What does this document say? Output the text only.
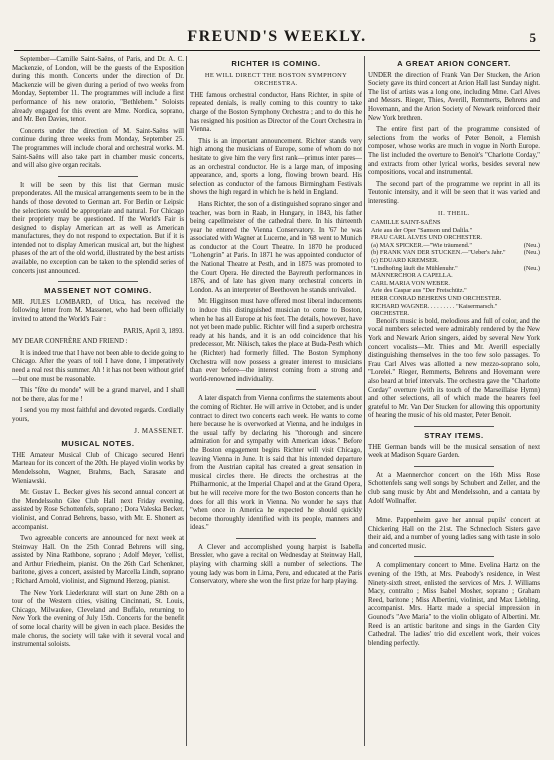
FREUND'S WEEKLY.	5

September—Camille Saint-Saëns, of Paris, and Dr. A. C. Mackenzie, of London, will be the guests of the Exposition during this month. Concerts under the direction of Dr. Mackenzie will be given during a period of two weeks from Monday, September 11. The programmes will include a first performance of his new oratorio, "Bethlehem." Soloists already engaged for this event are Mme. Nordica, soprano, and Mr. Ben Davies, tenor.

Concerts under the direction of M. Saint-Saëns will continue during three weeks from Monday, September 25. The programmes will include choral and orchestral works. M. Saint-Saëns will also take part in chamber music concerts, and will also give organ recitals.

It will be seen by this list that German music preponderates. All the musical arrangements seem to be in the hands of those devoted to German art. For Berlin or Leipsic the selections would be appropriate and natural. For Chicago their propriety may be questioned. If the World's Fair is designed to display American art as well as American manufactures, they do not respond to expectation. But if it is intended not to display American musical art, but the highest phases of the art of the old world, illustrated by the best artists available, no exception can be taken to the splendid series of concerts just announced.

MASSENET NOT COMING.

MR. JULES LOMBARD, of Utica, has received the following letter from M. Massenet, who had been officially invited to attend the World's Fair :

PARIS, April 3, 1893.

MY DEAR CONFRÈRE AND FRIEND :

It is indeed true that I have not been able to decide going to Chicago. After the years of toil I have done, I imperatively need a real rest this summer. Ah ! it has not been without grief—but one must be reasonable.

This "fête du monde" will be a grand marvel, and I shall not be there, alas for me !

I send you my most faithful and devoted regards. Cordially yours,

J. MASSENET.
MUSICAL NOTES.

THE Amateur Musical Club of Chicago secured Henri Marteau for its concert of the 20th. He played violin works by Mendelssohn, Wagner, Brahms, Bach, Sarasate and Wieniawski.

Mr. Gustav L. Becker gives his second annual concert at the Mendelssohn Glee Club Hall next Friday evening, assisted by Rose Schottenfels, soprano ; Dora Valeska Becker, violinist, and Conrad Behrens, basso, with Mr. E. Shonert as accompanist.

Two agreeable concerts are announced for next week at Steinway Hall. On the 25th Conrad Behrens will sing, assisted by Nina Rathbone, soprano ; Adolf Meyer, 'cellist, and Arthur Friedheim, pianist. On the 26th Carl Schenkner, baritone, gives a concert, assisted by Marcella Lindh, soprano ; Richard Arnold, violinist, and Sigmund Herzog, pianist.

The New York Liederkranz will start on June 28th on a tour of the Western cities, visiting Cincinnati, St. Louis, Chicago, Milwaukee, Cleveland and Buffalo, returning to New York the evening of July 15th. Concerts for the benefit of some local charity will be given in each place. Besides the male chorus, the society will take with it several vocal and instrumental soloists.

RICHTER IS COMING.
HE WILL DIRECT THE BOSTON SYMPHONY ORCHESTRA.

THE famous orchestral conductor, Hans Richter, in spite of repeated denials, is really coming to this country to take charge of the Boston Symphony Orchestra ; and to do this he has resigned his position as Director of the Court Orchestra in Vienna.

This is an important announcement. Richter stands very high among the musicians of Europe, some of whom do not hesitate to give him the very first rank—primus inter pares—as an orchestral conductor. He is a large man, of imposing appearance, and, sports a long, flowing brown beard. His selection as conductor of the famous Birmingham Festivals shows the high regard in which he is held in England.

Hans Richter, the son of a distinguished soprano singer and teacher, was born in Raab, in Hungary, in 1843, his father being capellmeister of the cathedral there. In his thirteenth year he entered the Vienna Conservatory. In '67 he was associated with Wagner at Lucerne, and in '68 went to Munich as conductor at the Court Theatre. In 1870 he produced "Lohengrin" at Paris. In 1871 he was appointed conductor of the National Theatre at Pesth, and in 1875 was promoted to the Court Opera. He directed the Bayreuth performances in 1876, and of late has given many orchestral concerts in London. As an interpreter of Beethoven he stands unrivaled.

Mr. Higginson must have offered most liberal inducements to induce this distinguished musician to come to Boston, when he has all Europe at his feet. The details, however, have not yet been made public. Richter will find a superb orchestra ready at his hands, and it is an odd coincidence that his predecessor, Mr. Nikisch, takes the place at Buda-Pesth which he (Richter) had formerly filled. The Boston Symphony Orchestra will now possess a greater interest to musicians than ever before—the interest coming from a strong and world-renowned individuality.

A later dispatch from Vienna confirms the statements about the coming of Richter. He will arrive in October, and is under contract to direct two concerts each week. He wants to come here because he is overworked at Vienna, and he indulges in the usual taffy by declaring his "thorough and sincere admiration for and sympathy with American ideas." Before the Boston engagement begins Richter will visit Chicago, leaving Vienna in June. It is said that his intended departure from the Austrian capital has created a great sensation in musical circles there. He directs the orchestras at the Philharmonic, at the Imperial Chapel and at the Grand Opera, but he will receive more for the two Boston concerts than he does for all this work in Vienna. No wonder he says that "when once in America he expected he should quickly become thoroughly identified with its people, manners and ideas."

A Clever and accomplished young harpist is Isabella Bressler, who gave a recital on Wednesday at Steinway Hall, playing with charming skill a number of selections. The young lady was born in Lima, Peru, and educated at the Paris Conservatory, where she won the first prize for harp playing.

A GREAT ARION CONCERT.

UNDER the direction of Frank Van Der Stucken, the Arion Society gave its third concert at Arion Hall last Sunday night. The list of artists was a long one, including Mme. Carl Alves and Messrs. Rieger, Thies, Averill, Remmerts, Behrens and Hovemann, and the Arion Society of Newark reinforced their New York brethren.

The entire first part of the programme consisted of selections from the works of Peter Benoit, a Flemish composer, whose works are much in vogue in North Europe. The list included the overture to Benoit's "Charlotte Corday," and extracts from other lyrical works, besides several new compositions, vocal and instrumental.

The second part of the programme we reprint in all its Teutonic intensity, and it will be seen that it was varied and interesting.

II. THEIL.

CAMILLE SAINT-SAËNS

Arie aus der Oper "Samson und Dalila."

FRAU CARL ALVES UND ORCHESTER.

(a) MAX SPICKER.—"Wie träumend."	(Neu.)

(b) FRANK VAN DER STUCKEN.—"Ueber's Jahr."	(Neu.)

(c) EDUARD KREMSER.

"Lindhofing läuft die Mühlenuhr."	(Neu.)

MÄNNERCHOR A CAPELLA.

CARL MARIA VON WEBER.

Arie des Caspar aus "Der Freischütz."

HERR CONRAD BEHRENS UND ORCHESTER.

RICHARD WAGNER. . . . . . . . . "Kaisermarsch."

ORCHESTER.

Benoit's music is bold, melodious and full of color, and the vocal numbers selected were admirably rendered by the New York and Newark Arion singers, aided by several New York concert vocalists—Mr. Thies and Mr. Averill especially distinguishing themselves in the too few solo passages. To Frau Carl Alves was allotted a new mezzo-soprano solo, "Lorelei." Rieger, Remmerts, Behrens and Hovemann were also heard at brief intervals. The orchestra gave the "Charlotte Corday" overture (with its touch of the Marseillaise Hymn) and other selections, all of which made the hearers feel grateful to Mr. Van Der Stucken for allowing this opportunity of hearing the music of his old master, Peter Benoit.

STRAY ITEMS.

THE German bands will be the musical sensation of next week at Madison Square Garden.

At a Maennerchor concert on the 16th Miss Rose Schottenfels sang well songs by Schubert and Zeller, and the club sang music by Abt and Mendelssohn, and a cantata by Adolf Wollnaffer.

Mme. Pappenheim gave her annual pupils' concert at Chickering Hall on the 21st. The Schnecloch Sisters gave their aid, and a number of young ladies sang with taste in solo and concerted music.

A complimentary concert to Mme. Evelina Hartz on the evening of the 19th, at Mrs. Peabody's residence, in West Ninety-sixth street, enlisted the services of Mrs. J. Williams Macy, contralto ; Miss Isabel Mosher, soprano ; Graham Reed, baritone ; Miss Albertini, violinist, and Max Liebling, accompanist. Mrs. Hartz made a special impression in Gounod's "Ave Maria" to the violin obligato of Albertini. Mr. Reed is an artistic baritone and sings in the Garden City Cathedral. The ladies' trio did excellent work, their voices blending perfectly.
